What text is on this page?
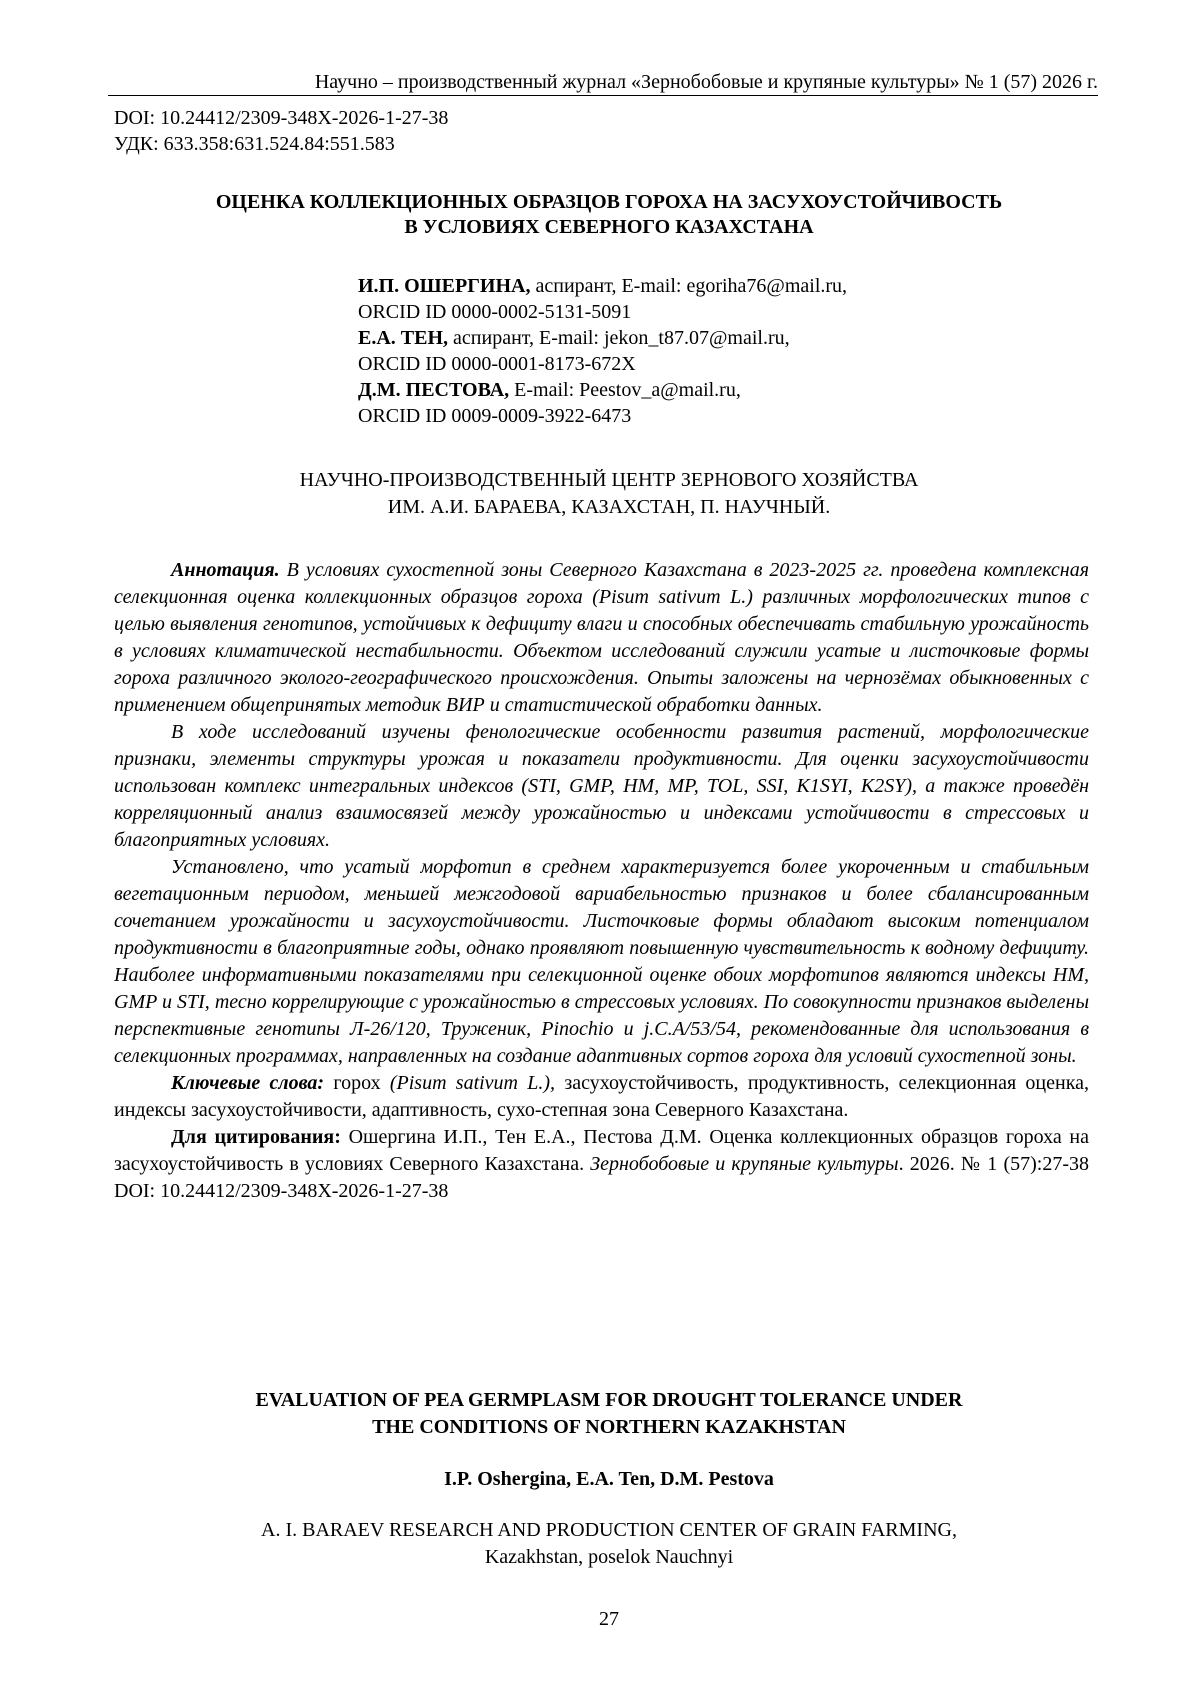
Научно – производственный журнал «Зернобобовые и крупяные культуры» № 1 (57) 2026 г.
DOI: 10.24412/2309-348X-2026-1-27-38
УДК: 633.358:631.524.84:551.583
ОЦЕНКА КОЛЛЕКЦИОННЫХ ОБРАЗЦОВ ГОРОХА НА ЗАСУХОУСТОЙЧИВОСТЬ
В УСЛОВИЯХ СЕВЕРНОГО КАЗАХСТАНА
И.П. ОШЕРГИНА, аспирант, E-mail: egoriha76@mail.ru,
ORCID ID 0000-0002-5131-5091
Е.А. ТЕН, аспирант, E-mail: jekon_t87.07@mail.ru,
ORCID ID 0000-0001-8173-672X
Д.М. ПЕСТОВА, E-mail: Peestov_a@mail.ru,
ORCID ID 0009-0009-3922-6473
НАУЧНО-ПРОИЗВОДСТВЕННЫЙ ЦЕНТР ЗЕРНОВОГО ХОЗЯЙСТВА
ИМ. А.И. БАРАЕВА, КАЗАХСТАН, П. НАУЧНЫЙ.

Аннотация. В условиях сухостепной зоны Северного Казахстана в 2023-2025 гг. проведена комплексная селекционная оценка коллекционных образцов гороха (Pisum sativum L.) различных морфологических типов с целью выявления генотипов, устойчивых к дефициту влаги и способных обеспечивать стабильную урожайность в условиях климатической нестабильности. Объектом исследований служили усатые и листочковые формы гороха различного эколого-географического происхождения. Опыты заложены на чернозёмах обыкновенных с применением общепринятых методик ВИР и статистической обработки данных.

В ходе исследований изучены фенологические особенности развития растений, морфологические признаки, элементы структуры урожая и показатели продуктивности. Для оценки засухоустойчивости использован комплекс интегральных индексов (STI, GMP, HM, MP, TOL, SSI, K1SYI, K2SY), а также проведён корреляционный анализ взаимосвязей между урожайностью и индексами устойчивости в стрессовых и благоприятных условиях.

Установлено, что усатый морфотип в среднем характеризуется более укороченным и стабильным вегетационным периодом, меньшей межгодовой вариабельностью признаков и более сбалансированным сочетанием урожайности и засухоустойчивости. Листочковые формы обладают высоким потенциалом продуктивности в благоприятные годы, однако проявляют повышенную чувствительность к водному дефициту. Наиболее информативными показателями при селекционной оценке обоих морфотипов являются индексы HM, GMP и STI, тесно коррелирующие с урожайностью в стрессовых условиях. По совокупности признаков выделены перспективные генотипы Л-26/120, Труженик, Pinochio и j.C.A/53/54, рекомендованные для использования в селекционных программах, направленных на создание адаптивных сортов гороха для условий сухостепной зоны.

Ключевые слова: горох (Pisum sativum L.), засухоустойчивость, продуктивность, селекционная оценка, индексы засухоустойчивости, адаптивность, сухо-степная зона Северного Казахстана.

Для цитирования: Ошергина И.П., Тен Е.А., Пестова Д.М. Оценка коллекционных образцов гороха на засухоустойчивость в условиях Северного Казахстана. Зернобобовые и крупяные культуры. 2026. № 1 (57):27-38 DOI: 10.24412/2309-348X-2026-1-27-38

EVALUATION OF PEA GERMPLASM FOR DROUGHT TOLERANCE UNDER
THE CONDITIONS OF NORTHERN KAZAKHSTAN
I.P. Oshergina, E.A. Ten, D.M. Pestova
A. I. BARAEV RESEARCH AND PRODUCTION CENTER OF GRAIN FARMING,
Kazakhstan, poselok Nauchnyi
27
